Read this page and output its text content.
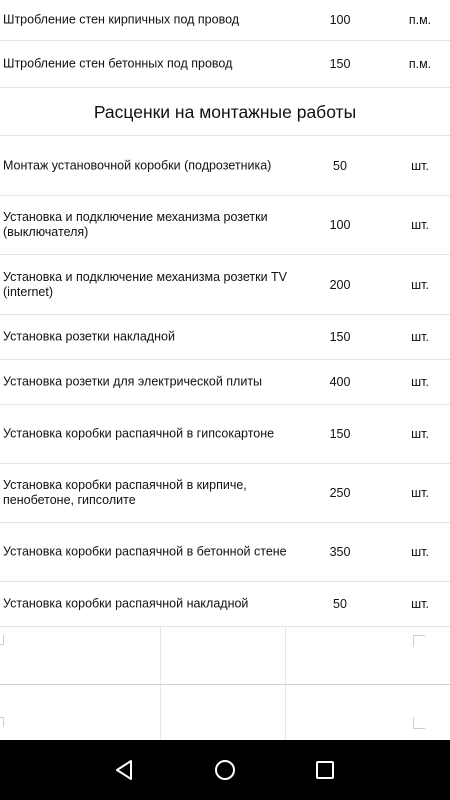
Штробление стен кирпичных под провод	100	п.м.
Штробление стен бетонных под провод	150	п.м.
Расценки на монтажные работы
Монтаж установочной коробки (подрозетника)	50	шт.
Установка и подключение механизма розетки (выключателя)	100	шт.
Установка и подключение механизма розетки TV (internet)	200	шт.
Установка розетки накладной	150	шт.
Установка розетки для электрической плиты	400	шт.
Установка коробки распаячной в гипсокартоне	150	шт.
Установка коробки распаячной в кирпиче, пенобетоне, гипсолите	250	шт.
Установка коробки распаячной в бетонной стене	350	шт.
Установка коробки распаячной накладной	50	шт.
